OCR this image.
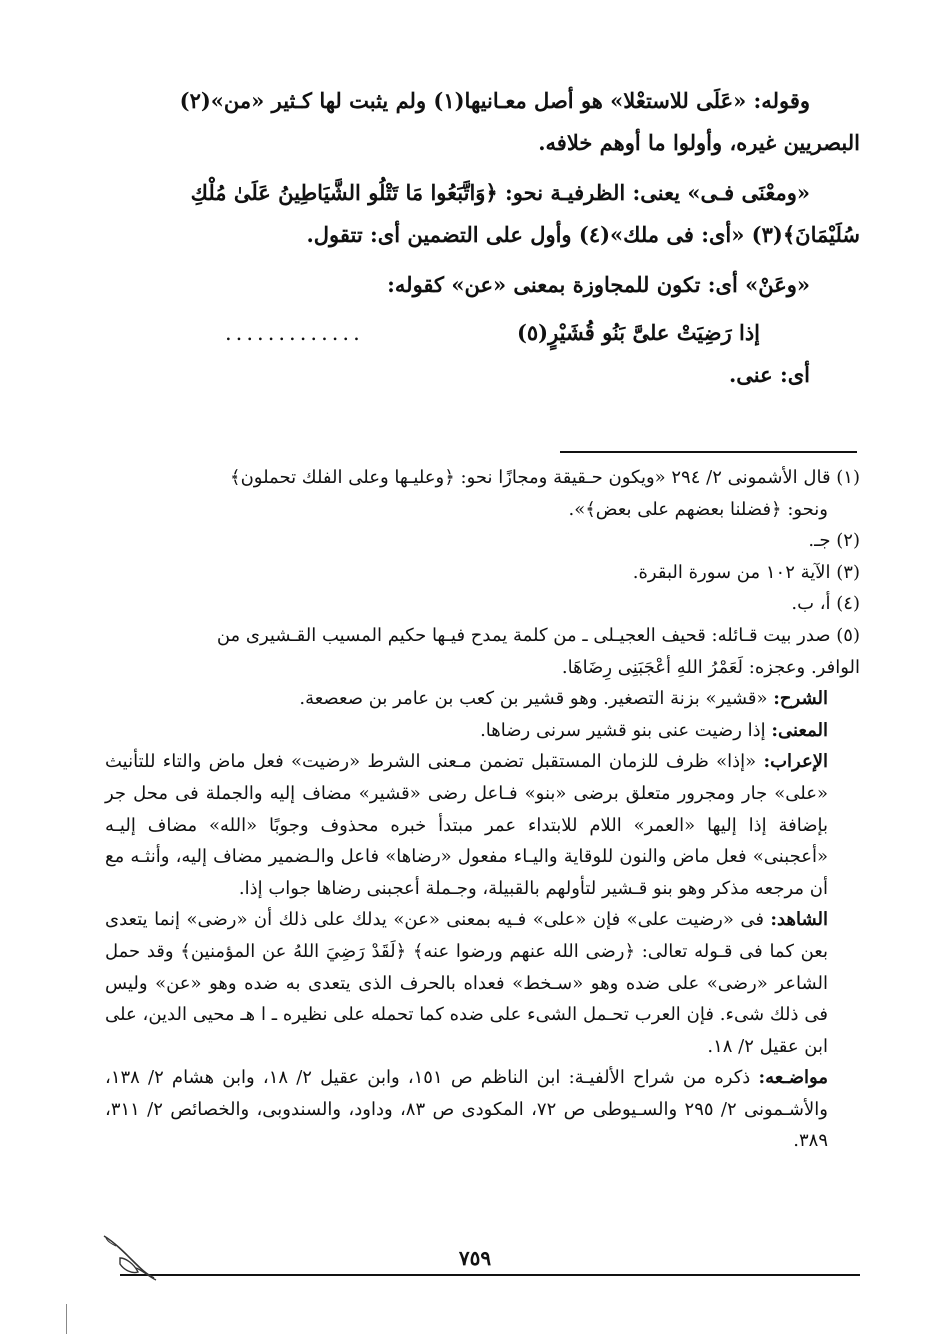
وقوله: «عَلَى للاستعْلا» هو أصل معـانيها(١) ولم يثبت لها كـثير «من»(٢)

البصريين غيره، وأولوا ما أوهم خلافه.

«ومعْنَى فـى» يعنى: الظرفيـة نحو: ﴿وَاتَّبَعُوا مَا تَتْلُو الشَّيَاطِينُ عَلَىٰ مُلْكِ

سُلَيْمَانَ﴾(٣) «أى: فى ملك»(٤) وأول على التضمين أى: تتقول.

«وعَنْ» أى: تكون للمجاوزة بمعنى «عن» كقوله:

إذا رَضِيَتْ علىَّ بَنُو قُشَيْرٍ(٥)
.............

أى: عنى.

(١) قال الأشمونى ٢/ ٢٩٤ «ويكون حـقيقة ومجازًا نحو: ﴿وعليـها وعلى الفلك تحملون﴾

ونحو: ﴿فضلنا بعضهم على بعض﴾».

(٢) جـ.

(٣) الآية ١٠٢ من سورة البقرة.

(٤) أ، ب.

(٥) صدر بيت قـائله: قحيف العجيـلى ـ من كلمة يمدح فيـها حكيم المسيب القـشيرى من

الوافر. وعجزه: لَعَمْرُ اللهِ أعْجَبَنِى رِضَاهَا.

الشرح: «قشير» بزنة التصغير. وهو قشير بن كعب بن عامر بن صعصعة.

المعنى: إذا رضيت عنى بنو قشير سرنى رضاها.

الإعراب: «إذا» ظرف للزمان المستقبل تضمن مـعنى الشرط «رضيت» فعل ماض والتاء للتأنيث «على» جار ومجرور متعلق برضى «بنو» فـاعل رضى «قشير» مضاف إليه والجملة فى محل جر بإضافة إذا إليها «العمر» اللام للابتداء عمر مبتدأ خبره محذوف وجوبًا «الله» مضاف إليـه «أعجبنى» فعل ماض والنون للوقاية واليـاء مفعول «رضاها» فاعل والـضمير مضاف إليه، وأنثـه مع أن مرجعه مذكر وهو بنو قـشير لتأولهم بالقبيلة، وجـملة أعجبنى رضاها جواب إذا.

الشاهد: فى «رضيت على» فإن «على» فـيه بمعنى «عن» يدلك على ذلك أن «رضى» إنما يتعدى بعن كما فى قـوله تعالى: ﴿رضى الله عنهم ورضوا عنه﴾ ﴿لَقَدْ رَضِيَ اللهُ عن المؤمنين﴾ وقد حمل الشاعر «رضى» على ضده وهو «سـخط» فعداه بالحرف الذى يتعدى به ضده وهو «عن» وليس فى ذلك شىء. فإن العرب تحـمل الشىء على ضده كما تحمله على نظيره ـ ا هـ محيى الدين، على ابن عقيل ٢/ ١٨.

مواضـعه: ذكره من شراح الألفيـة: ابن الناظم ص ١٥١، وابن عقيل ٢/ ١٨، وابن هشام ٢/ ١٣٨، والأشـمونى ٢/ ٢٩٥ والسـيوطى ص ٧٢، المكودى ص ٨٣، وداود، والسندوبى، والخصائص ٢/ ٣١١، ٣٨٩.

٧٥٩
